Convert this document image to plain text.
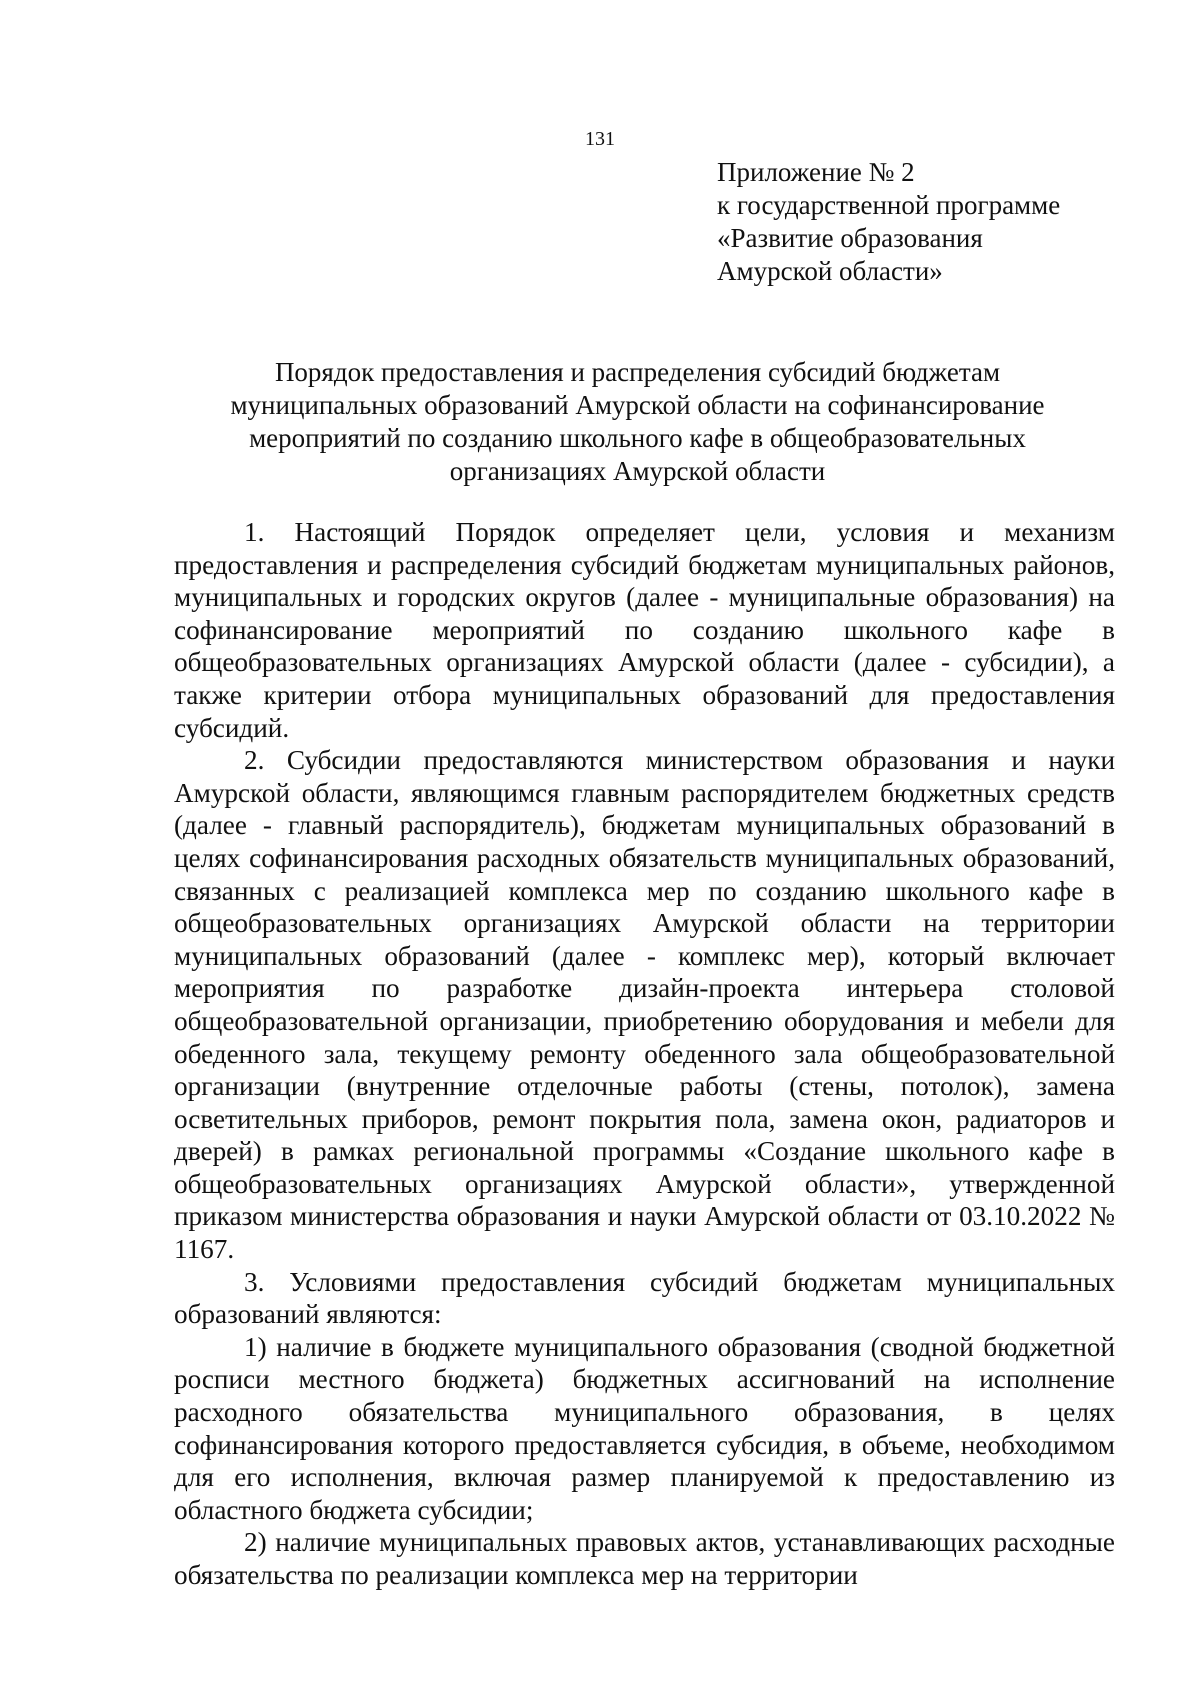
131
Приложение № 2
к государственной программе
«Развитие образования
Амурской области»
Порядок предоставления и распределения субсидий бюджетам
муниципальных образований Амурской области на софинансирование
мероприятий по созданию школьного кафе в общеобразовательных
организациях Амурской области

1. Настоящий Порядок определяет цели, условия и механизм предоставления и распределения субсидий бюджетам муниципальных районов, муниципальных и городских округов (далее - муниципальные образования) на софинансирование мероприятий по созданию школьного кафе в общеобразовательных организациях Амурской области (далее - субсидии), а также критерии отбора муниципальных образований для предоставления субсидий.

2. Субсидии предоставляются министерством образования и науки Амурской области, являющимся главным распорядителем бюджетных средств (далее - главный распорядитель), бюджетам муниципальных образований в целях софинансирования расходных обязательств муниципальных образований, связанных с реализацией комплекса мер по созданию школьного кафе в общеобразовательных организациях Амурской области на территории муниципальных образований (далее - комплекс мер), который включает мероприятия по разработке дизайн-проекта интерьера столовой общеобразовательной организации, приобретению оборудования и мебели для обеденного зала, текущему ремонту обеденного зала общеобразовательной организации (внутренние отделочные работы (стены, потолок), замена осветительных приборов, ремонт покрытия пола, замена окон, радиаторов и дверей) в рамках региональной программы «Создание школьного кафе в общеобразовательных организациях Амурской области», утвержденной приказом министерства образования и науки Амурской области от 03.10.2022 № 1167.

3. Условиями предоставления субсидий бюджетам муниципальных образований являются:

1) наличие в бюджете муниципального образования (сводной бюджетной росписи местного бюджета) бюджетных ассигнований на исполнение расходного обязательства муниципального образования, в целях софинансирования которого предоставляется субсидия, в объеме, необходимом для его исполнения, включая размер планируемой к предоставлению из областного бюджета субсидии;

2) наличие муниципальных правовых актов, устанавливающих расходные обязательства по реализации комплекса мер на территории
